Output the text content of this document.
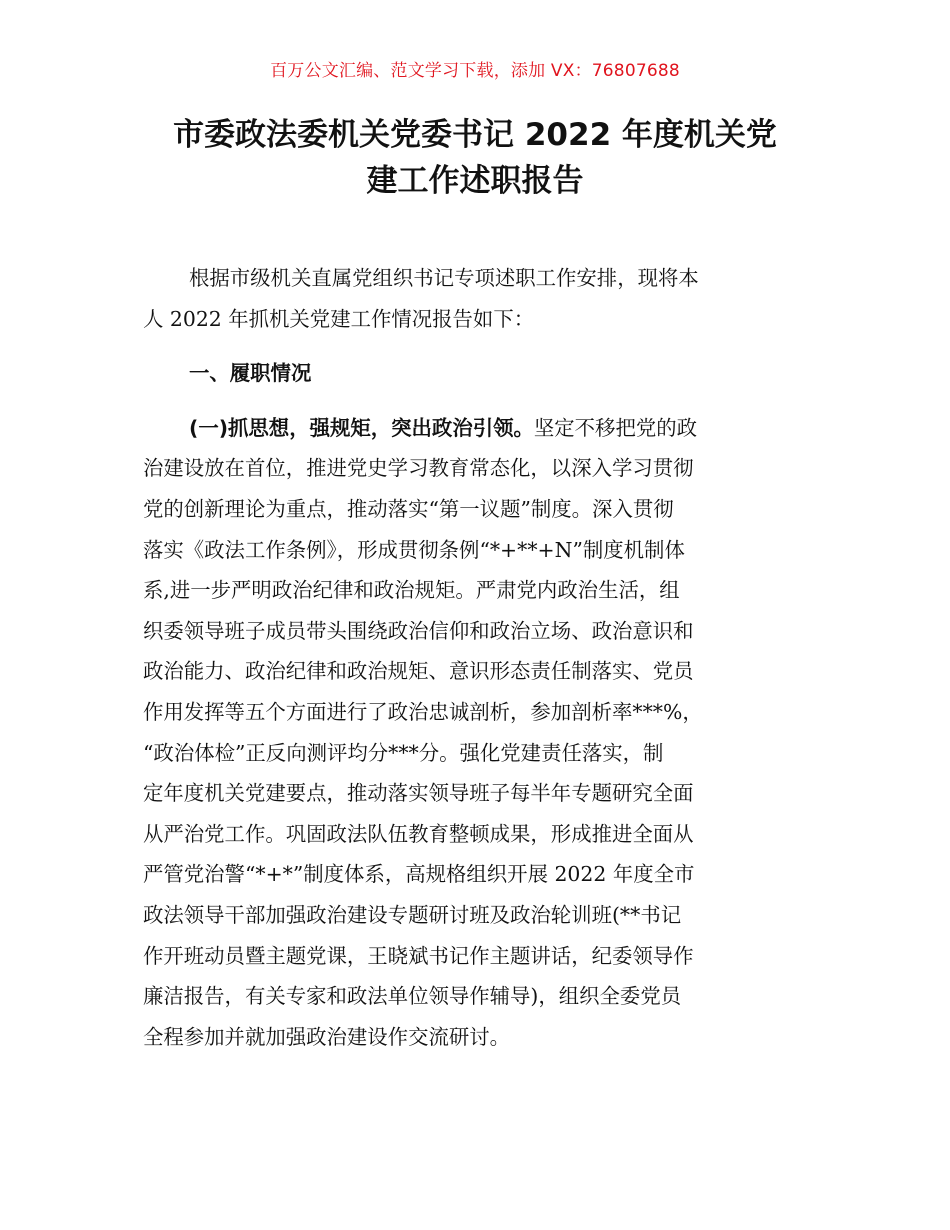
百万公文汇编、范文学习下载，添加 VX：76807688
市委政法委机关党委书记 2022 年度机关党
建工作述职报告
根据市级机关直属党组织书记专项述职工作安排，现将本
人 2022 年抓机关党建工作情况报告如下：
一、履职情况
(一)抓思想，强规矩，突出政治引领。坚定不移把党的政
治建设放在首位，推进党史学习教育常态化，以深入学习贯彻
党的创新理论为重点，推动落实“第一议题”制度。深入贯彻
落实《政法工作条例》，形成贯彻条例“*+**+N”制度机制体
系,进一步严明政治纪律和政治规矩。严肃党内政治生活，组
织委领导班子成员带头围绕政治信仰和政治立场、政治意识和
政治能力、政治纪律和政治规矩、意识形态责任制落实、党员
作用发挥等五个方面进行了政治忠诚剖析，参加剖析率***%，
“政治体检”正反向测评均分***分。强化党建责任落实，制
定年度机关党建要点，推动落实领导班子每半年专题研究全面
从严治党工作。巩固政法队伍教育整顿成果，形成推进全面从
严管党治警“*+*”制度体系，高规格组织开展 2022 年度全市
政法领导干部加强政治建设专题研讨班及政治轮训班(**书记
作开班动员暨主题党课，王晓斌书记作主题讲话，纪委领导作
廉洁报告，有关专家和政法单位领导作辅导)，组织全委党员
全程参加并就加强政治建设作交流研讨。
